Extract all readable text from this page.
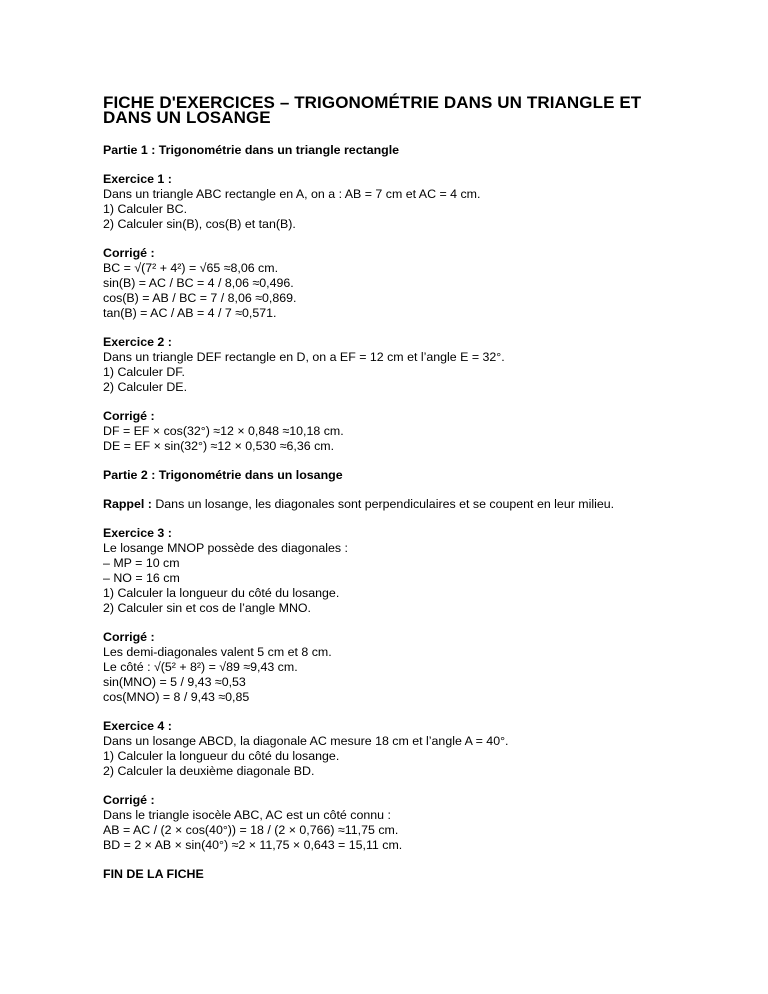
FICHE D'EXERCICES – TRIGONOMÉTRIE DANS UN TRIANGLE ET
DANS UN LOSANGE
Partie 1 : Trigonométrie dans un triangle rectangle
Exercice 1 :
Dans un triangle ABC rectangle en A, on a : AB = 7 cm et AC = 4 cm.
1) Calculer BC.
2) Calculer sin(B), cos(B) et tan(B).
Corrigé :
BC = √(7² + 4²) = √65 ≈8,06 cm.
sin(B) = AC / BC = 4 / 8,06 ≈0,496.
cos(B) = AB / BC = 7 / 8,06 ≈0,869.
tan(B) = AC / AB = 4 / 7 ≈0,571.
Exercice 2 :
Dans un triangle DEF rectangle en D, on a EF = 12 cm et l’angle E = 32°.
1) Calculer DF.
2) Calculer DE.
Corrigé :
DF = EF × cos(32°) ≈12 × 0,848 ≈10,18 cm.
DE = EF × sin(32°) ≈12 × 0,530 ≈6,36 cm.
Partie 2 : Trigonométrie dans un losange
Rappel : Dans un losange, les diagonales sont perpendiculaires et se coupent en leur milieu.
Exercice 3 :
Le losange MNOP possède des diagonales :
– MP = 10 cm
– NO = 16 cm
1) Calculer la longueur du côté du losange.
2) Calculer sin et cos de l’angle MNO.
Corrigé :
Les demi-diagonales valent 5 cm et 8 cm.
Le côté : √(5² + 8²) = √89 ≈9,43 cm.
sin(MNO) = 5 / 9,43 ≈0,53
cos(MNO) = 8 / 9,43 ≈0,85
Exercice 4 :
Dans un losange ABCD, la diagonale AC mesure 18 cm et l’angle A = 40°.
1) Calculer la longueur du côté du losange.
2) Calculer la deuxième diagonale BD.
Corrigé :
Dans le triangle isocèle ABC, AC est un côté connu :
AB = AC / (2 × cos(40°)) = 18 / (2 × 0,766) ≈11,75 cm.
BD = 2 × AB × sin(40°) ≈2 × 11,75 × 0,643 = 15,11 cm.
FIN DE LA FICHE
